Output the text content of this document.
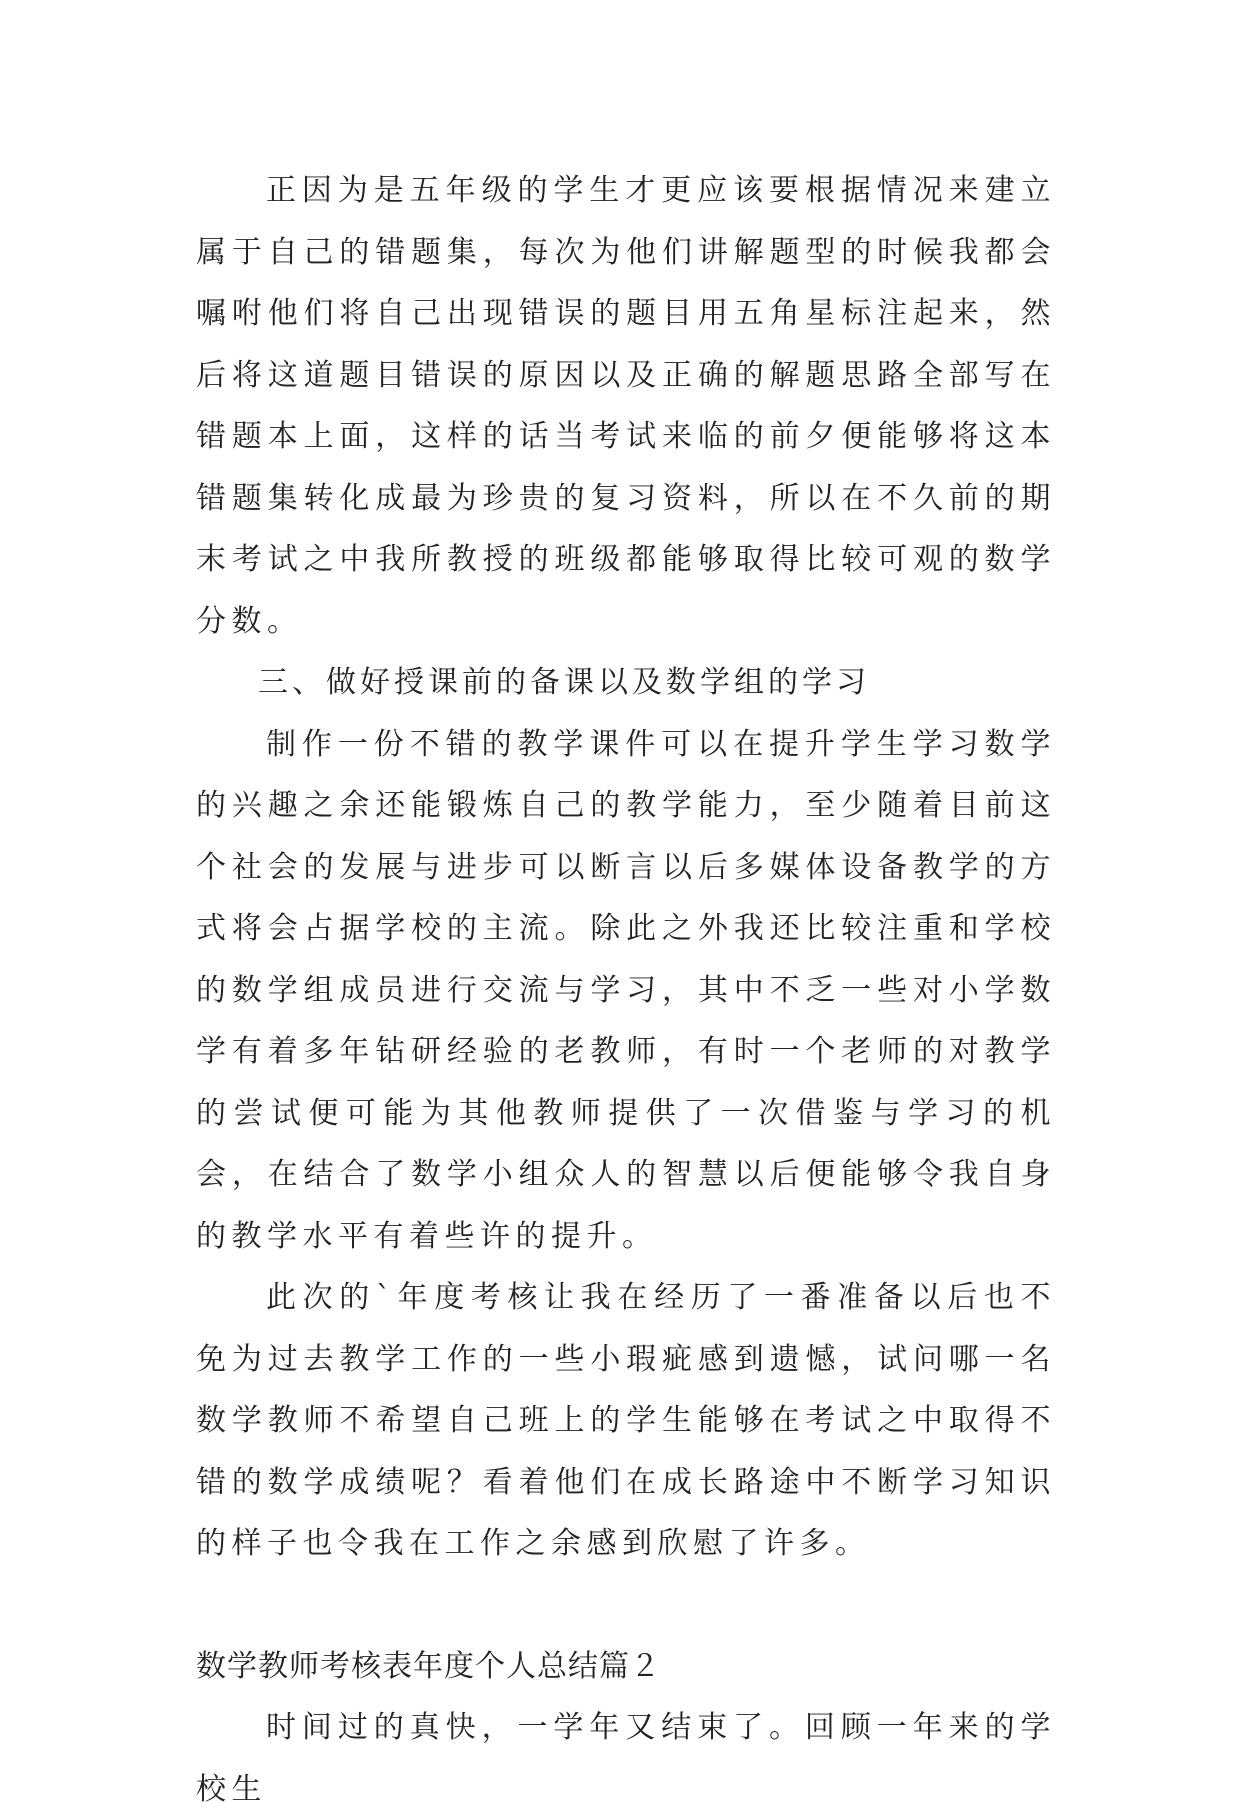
正因为是五年级的学生才更应该要根据情况来建立属于自己的错题集，每次为他们讲解题型的时候我都会嘱咐他们将自己出现错误的题目用五角星标注起来，然后将这道题目错误的原因以及正确的解题思路全部写在错题本上面，这样的话当考试来临的前夕便能够将这本错题集转化成最为珍贵的复习资料，所以在不久前的期末考试之中我所教授的班级都能够取得比较可观的数学分数。

三、做好授课前的备课以及数学组的学习

制作一份不错的教学课件可以在提升学生学习数学的兴趣之余还能锻炼自己的教学能力，至少随着目前这个社会的发展与进步可以断言以后多媒体设备教学的方式将会占据学校的主流。除此之外我还比较注重和学校的数学组成员进行交流与学习，其中不乏一些对小学数学有着多年钻研经验的老教师，有时一个老师的对教学的尝试便可能为其他教师提供了一次借鉴与学习的机会，在结合了数学小组众人的智慧以后便能够令我自身的教学水平有着些许的提升。

此次的`年度考核让我在经历了一番准备以后也不免为过去教学工作的一些小瑕疵感到遗憾，试问哪一名数学教师不希望自己班上的学生能够在考试之中取得不错的数学成绩呢？看着他们在成长路途中不断学习知识的样子也令我在工作之余感到欣慰了许多。

数学教师考核表年度个人总结篇２

时间过的真快，一学年又结束了。回顾一年来的学校生
